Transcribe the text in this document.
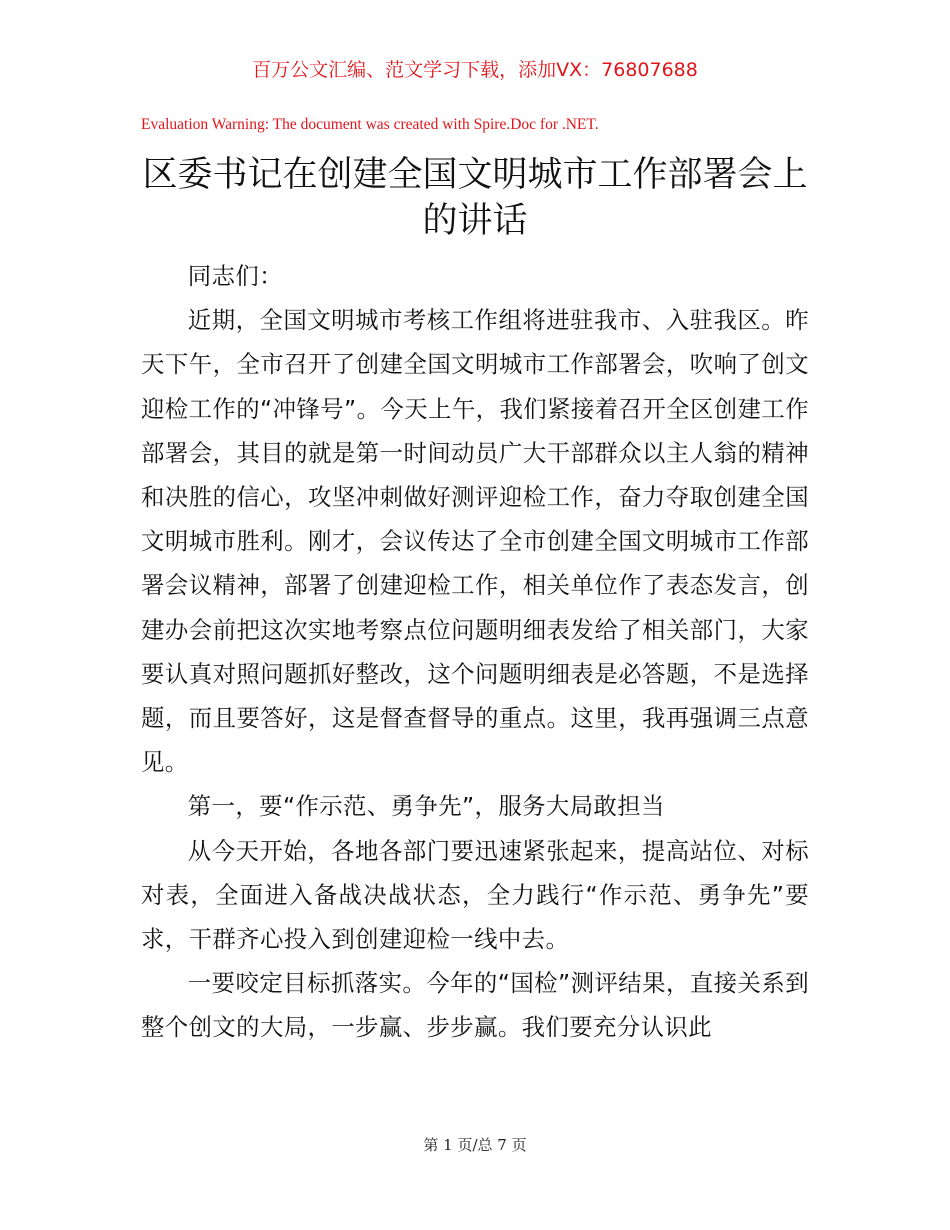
百万公文汇编、范文学习下载，添加VX：76807688
Evaluation Warning: The document was created with Spire.Doc for .NET.
区委书记在创建全国文明城市工作部署会上的讲话

同志们：

近期，全国文明城市考核工作组将进驻我市、入驻我区。昨天下午，全市召开了创建全国文明城市工作部署会，吹响了创文迎检工作的“冲锋号”。今天上午，我们紧接着召开全区创建工作部署会，其目的就是第一时间动员广大干部群众以主人翁的精神和决胜的信心，攻坚冲刺做好测评迎检工作，奋力夺取创建全国文明城市胜利。刚才，会议传达了全市创建全国文明城市工作部署会议精神，部署了创建迎检工作，相关单位作了表态发言，创建办会前把这次实地考察点位问题明细表发给了相关部门，大家要认真对照问题抓好整改，这个问题明细表是必答题，不是选择题，而且要答好，这是督查督导的重点。这里，我再强调三点意见。

第一，要“作示范、勇争先”，服务大局敢担当

从今天开始，各地各部门要迅速紧张起来，提高站位、对标对表，全面进入备战决战状态，全力践行“作示范、勇争先”要求，干群齐心投入到创建迎检一线中去。

一要咬定目标抓落实。今年的“国检”测评结果，直接关系到整个创文的大局，一步赢、步步赢。我们要充分认识此

第 1 页/总 7 页
